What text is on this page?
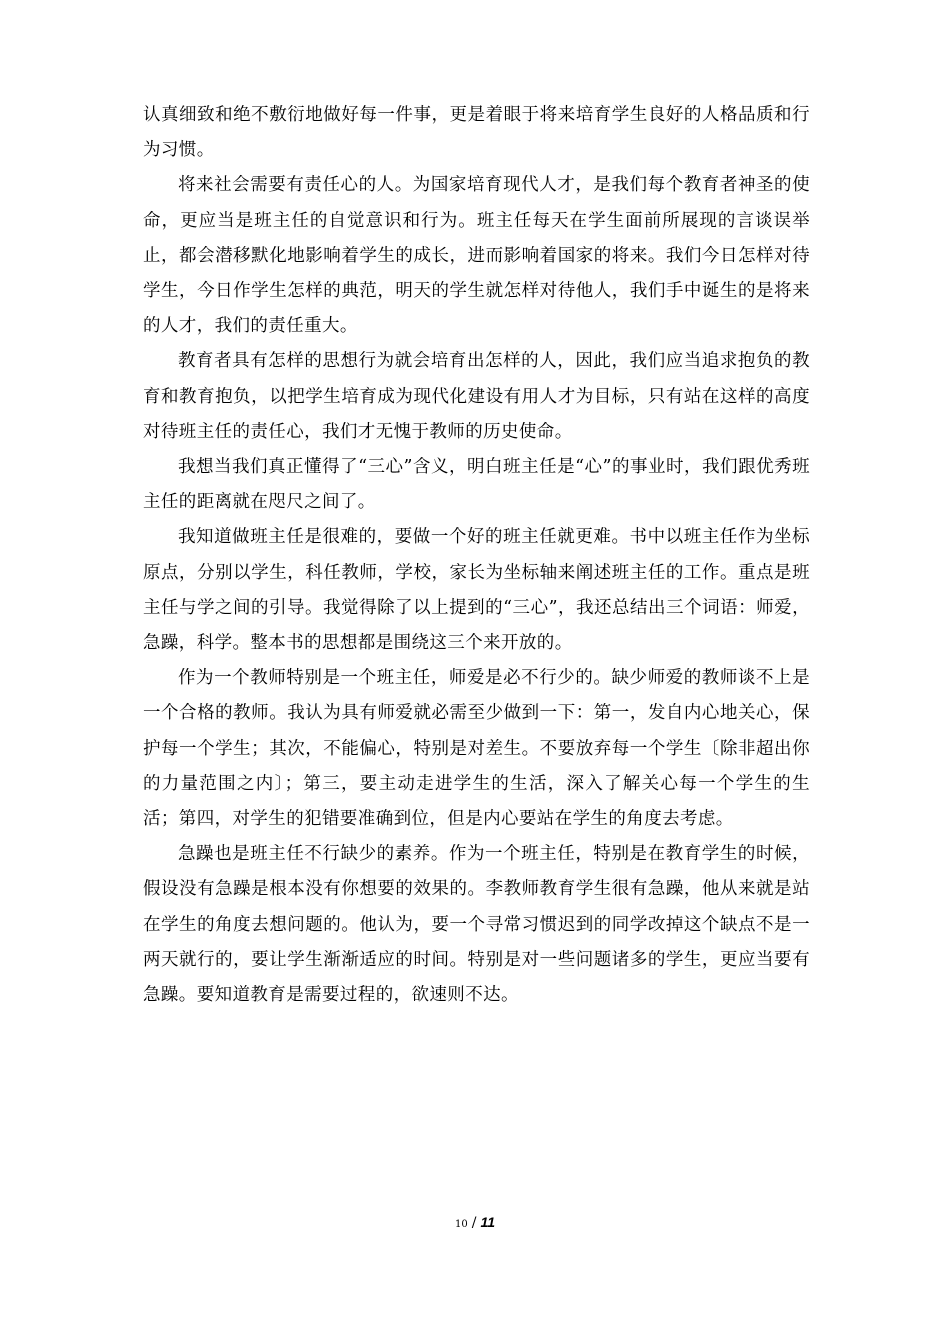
认真细致和绝不敷衍地做好每一件事，更是着眼于将来培育学生良好的人格品质和行为习惯。

将来社会需要有责任心的人。为国家培育现代人才，是我们每个教育者神圣的使命，更应当是班主任的自觉意识和行为。班主任每天在学生面前所展现的言谈误举止，都会潜移默化地影响着学生的成长，进而影响着国家的将来。我们今日怎样对待学生，今日作学生怎样的典范，明天的学生就怎样对待他人，我们手中诞生的是将来的人才，我们的责任重大。

教育者具有怎样的思想行为就会培育出怎样的人，因此，我们应当追求抱负的教育和教育抱负，以把学生培育成为现代化建设有用人才为目标，只有站在这样的高度对待班主任的责任心，我们才无愧于教师的历史使命。

我想当我们真正懂得了“三心”含义，明白班主任是“心”的事业时，我们跟优秀班主任的距离就在咫尺之间了。

我知道做班主任是很难的，要做一个好的班主任就更难。书中以班主任作为坐标原点，分别以学生，科任教师，学校，家长为坐标轴来阐述班主任的工作。重点是班主任与学之间的引导。我觉得除了以上提到的“三心”，我还总结出三个词语：师爱，急躁，科学。整本书的思想都是围绕这三个来开放的。

作为一个教师特别是一个班主任，师爱是必不行少的。缺少师爱的教师谈不上是一个合格的教师。我认为具有师爱就必需至少做到一下：第一，发自内心地关心，保护每一个学生；其次，不能偏心，特别是对差生。不要放弃每一个学生〔除非超出你的力量范围之内〕；第三，要主动走进学生的生活，深入了解关心每一个学生的生活；第四，对学生的犯错要准确到位，但是内心要站在学生的角度去考虑。

急躁也是班主任不行缺少的素养。作为一个班主任，特别是在教育学生的时候，假设没有急躁是根本没有你想要的效果的。李教师教育学生很有急躁，他从来就是站在学生的角度去想问题的。他认为，要一个寻常习惯迟到的同学改掉这个缺点不是一两天就行的，要让学生渐渐适应的时间。特别是对一些问题诸多的学生，更应当要有急躁。要知道教育是需要过程的，欲速则不达。

10 / 11
